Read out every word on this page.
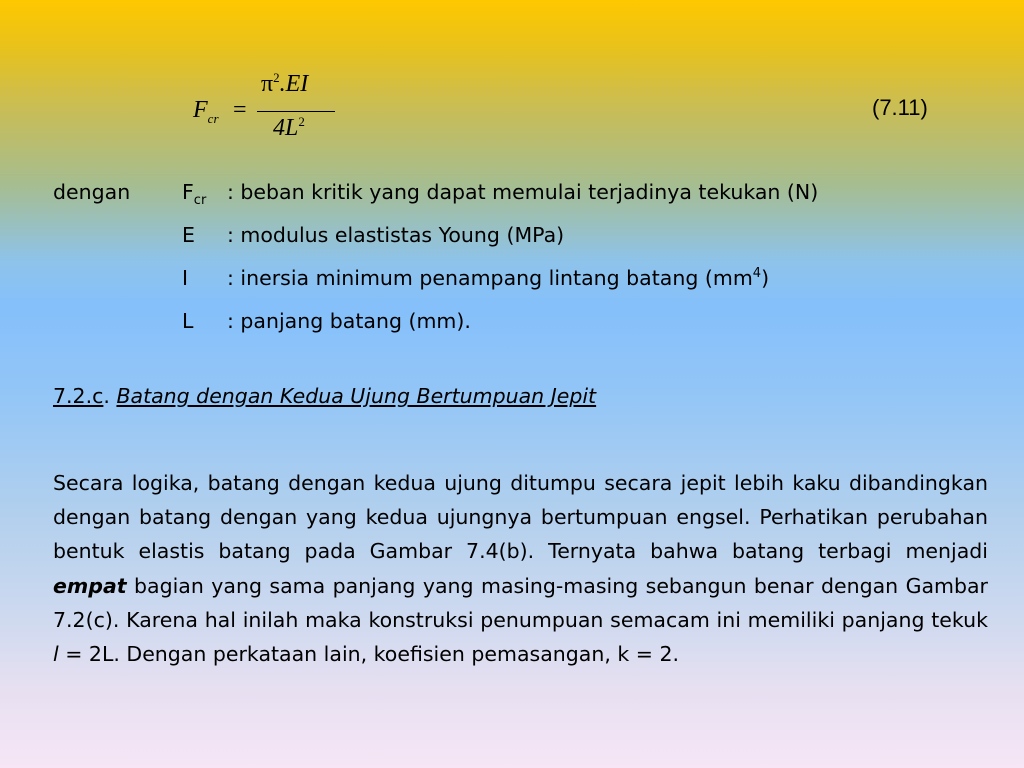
$F_{cr}$ =
$\pi^2.EI$
$4L^2$
(7.11)
dengan	$F_{cr}$ : beban kritik yang dapat memulai terjadinya tekukan (N)
E : modulus elastistas Young (MPa)
I : inersia minimum penampang lintang batang $(mm^4)$
L : panjang batang (mm).
7.2.c. Batang dengan Kedua Ujung Bertumpuan Jepit
Secara logika, batang dengan kedua ujung ditumpu secara jepit lebih kaku dibandingkan dengan batang dengan yang kedua ujungnya bertumpuan engsel. Perhatikan perubahan bentuk elastis batang pada Gambar 7.4(b). Ternyata bahwa batang terbagi menjadi empat bagian yang sama panjang yang masing-masing sebangun benar dengan Gambar 7.2(c). Karena hal inilah maka konstruksi penumpuan semacam ini memiliki panjang tekuk l = 2L. Dengan perkataan lain, koefisien pemasangan, k = 2.
